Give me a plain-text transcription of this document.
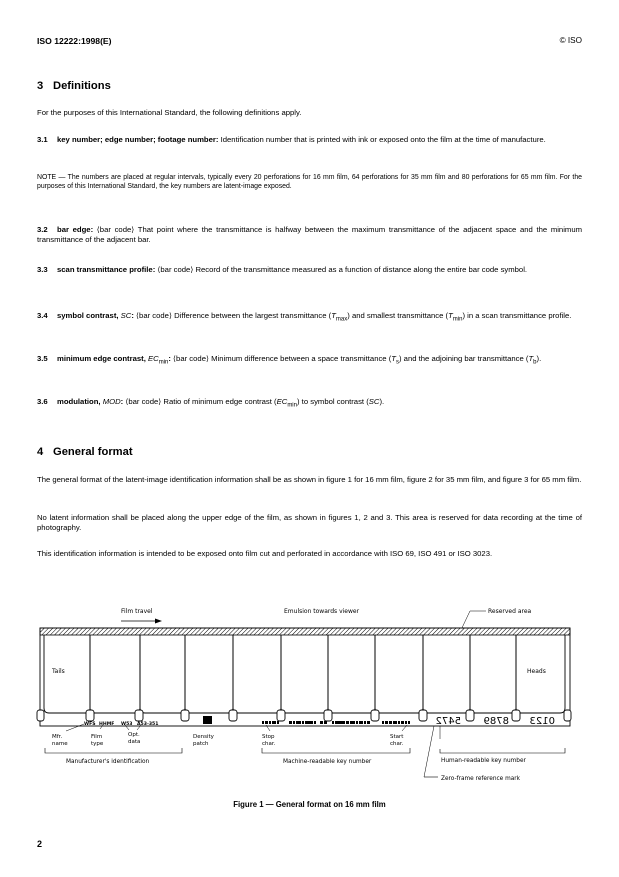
ISO 12222:1998(E)	© ISO
3 Definitions

For the purposes of this International Standard, the following definitions apply.

3.1 key number; edge number; footage number: Identification number that is printed with ink or exposed onto the film at the time of manufacture.

NOTE — The numbers are placed at regular intervals, typically every 20 perforations for 16 mm film, 64 perforations for 35 mm film and 80 perforations for 65 mm film. For the purposes of this International Standard, the key numbers are latent-image exposed.

3.2 bar edge: ⟨bar code⟩ That point where the transmittance is halfway between the maximum transmittance of the adjacent space and the minimum transmittance of the adjacent bar.

3.3 scan transmittance profile: ⟨bar code⟩ Record of the transmittance measured as a function of distance along the entire bar code symbol.

3.4 symbol contrast, SC: ⟨bar code⟩ Difference between the largest transmittance $(T_{max})$ and smallest transmittance $(T_{min})$ in a scan transmittance profile.

3.5 minimum edge contrast, $EC_{min}$: ⟨bar code⟩ Minimum difference between a space transmittance $(T_s)$ and the adjoining bar transmittance $(T_b)$.

3.6 modulation, MOD: ⟨bar code⟩ Ratio of minimum edge contrast $(EC_{min})$ to symbol contrast (SC).

4 General format

The general format of the latent-image identification information shall be as shown in figure 1 for 16 mm film, figure 2 for 35 mm film, and figure 3 for 65 mm film.

No latent information shall be placed along the upper edge of the film, as shown in figures 1, 2 and 3. This area is reserved for data recording at the time of photography.

This identification information is intended to be exposed onto film cut and perforated in accordance with ISO 69, ISO 491 or ISO 3023.

Film travel	Emulsion towards viewer	Reserved area
Tails	Heads
WFS HHMF W53 A53-351	5472 8789 0123
Mfr.
name
Film
type
Opt.
data
Density
patch
Stop
char.
Start
char.
Manufacturer's identification	Machine-readable key number	Human-readable key number
Zero-frame reference mark
Figure 1 — General format on 16 mm film
2
